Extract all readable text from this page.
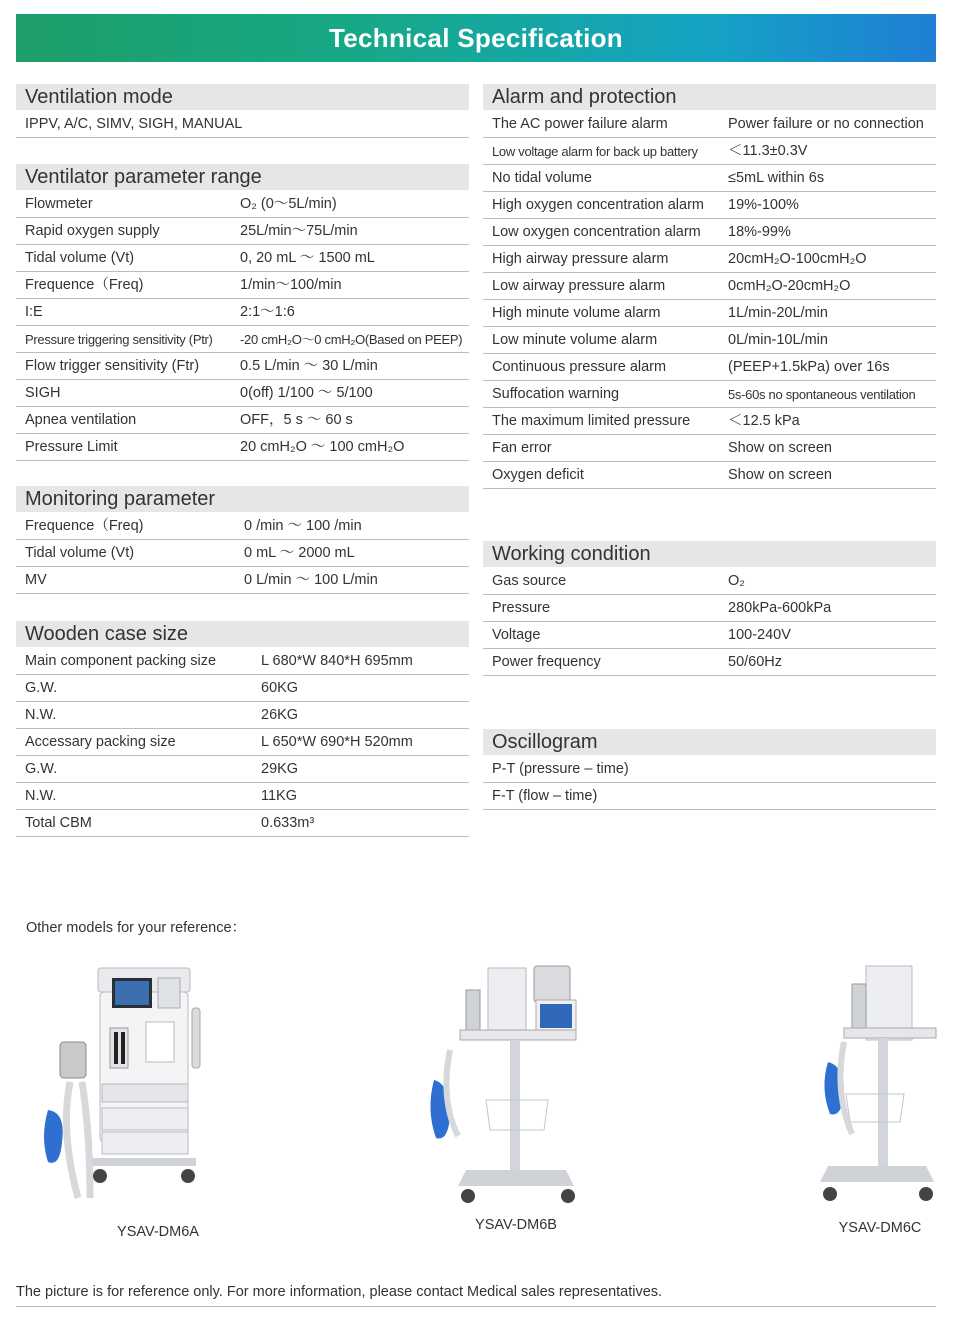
Technical Specification
Ventilation mode
IPPV, A/C, SIMV, SIGH, MANUAL
Ventilator parameter range
Flowmeter	O₂ (0～5L/min)
Rapid oxygen supply	25L/min～75L/min
Tidal volume (Vt)	0, 20 mL ～ 1500 mL
Frequence（Freq)	1/min～100/min
I:E	2:1～1:6
Pressure triggering sensitivity (Ptr) -20 cmH₂O～0 cmH₂O(Based on PEEP)
Flow trigger sensitivity (Ftr)	0.5 L/min ～ 30 L/min
SIGH	0(off) 1/100 ～ 5/100
Apnea ventilation	OFF，5 s ～ 60 s
Pressure Limit	20 cmH₂O ～ 100 cmH₂O
Monitoring parameter
Frequence（Freq)	0 /min ～ 100 /min
Tidal volume (Vt)	0 mL ～ 2000 mL
MV	0 L/min ～ 100 L/min
Wooden case size
Main component packing size	L 680*W 840*H 695mm
G.W.	60KG
N.W.	26KG
Accessary packing size	L 650*W 690*H 520mm
G.W.	29KG
N.W.	11KG
Total CBM	0.633m³
Alarm and protection
The AC power failure alarm	Power failure or no connection
Low voltage alarm for back up battery ＜11.3±0.3V
No tidal volume	≤5mL within 6s
High oxygen concentration alarm 19%-100%
Low oxygen concentration alarm 18%-99%
High airway pressure alarm	20cmH₂O-100cmH₂O
Low airway pressure alarm	0cmH₂O-20cmH₂O
High minute volume alarm	1L/min-20L/min
Low minute volume alarm	0L/min-10L/min
Continuous pressure alarm	(PEEP+1.5kPa) over 16s
Suffocation warning	5s-60s no spontaneous ventilation
The maximum limited pressure	＜12.5 kPa
Fan error	Show on screen
Oxygen deficit	Show on screen
Working condition
Gas source	O₂
Pressure	280kPa-600kPa
Voltage	100-240V
Power frequency	50/60Hz
Oscillogram
P-T (pressure – time)
F-T (flow – time)
Other models for your reference：
YSAV-DM6A	YSAV-DM6B	YSAV-DM6C
The picture is for reference only. For more information, please contact Medical sales representatives.
